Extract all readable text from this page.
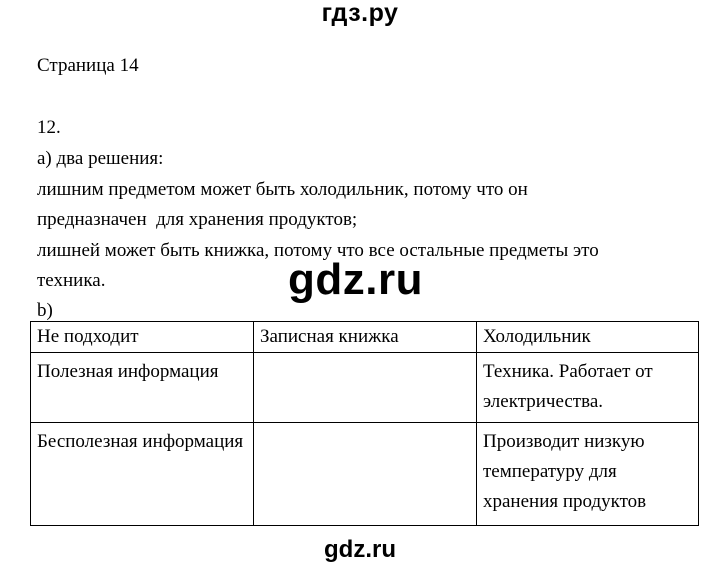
гдз.ру
Страница 14
12.
а) два решения:
лишним предметом может быть холодильник, потому что он
предназначен  для хранения продуктов;
лишней может быть книжка, потому что все остальные предметы это
техника.
b)
gdz.ru
Не подходит	Записная книжка	Холодильник

Полезная информация		Техника. Работает от электричества.

Бесполезная информация		Производит низкую температуру для хранения продуктов
gdz.ru
